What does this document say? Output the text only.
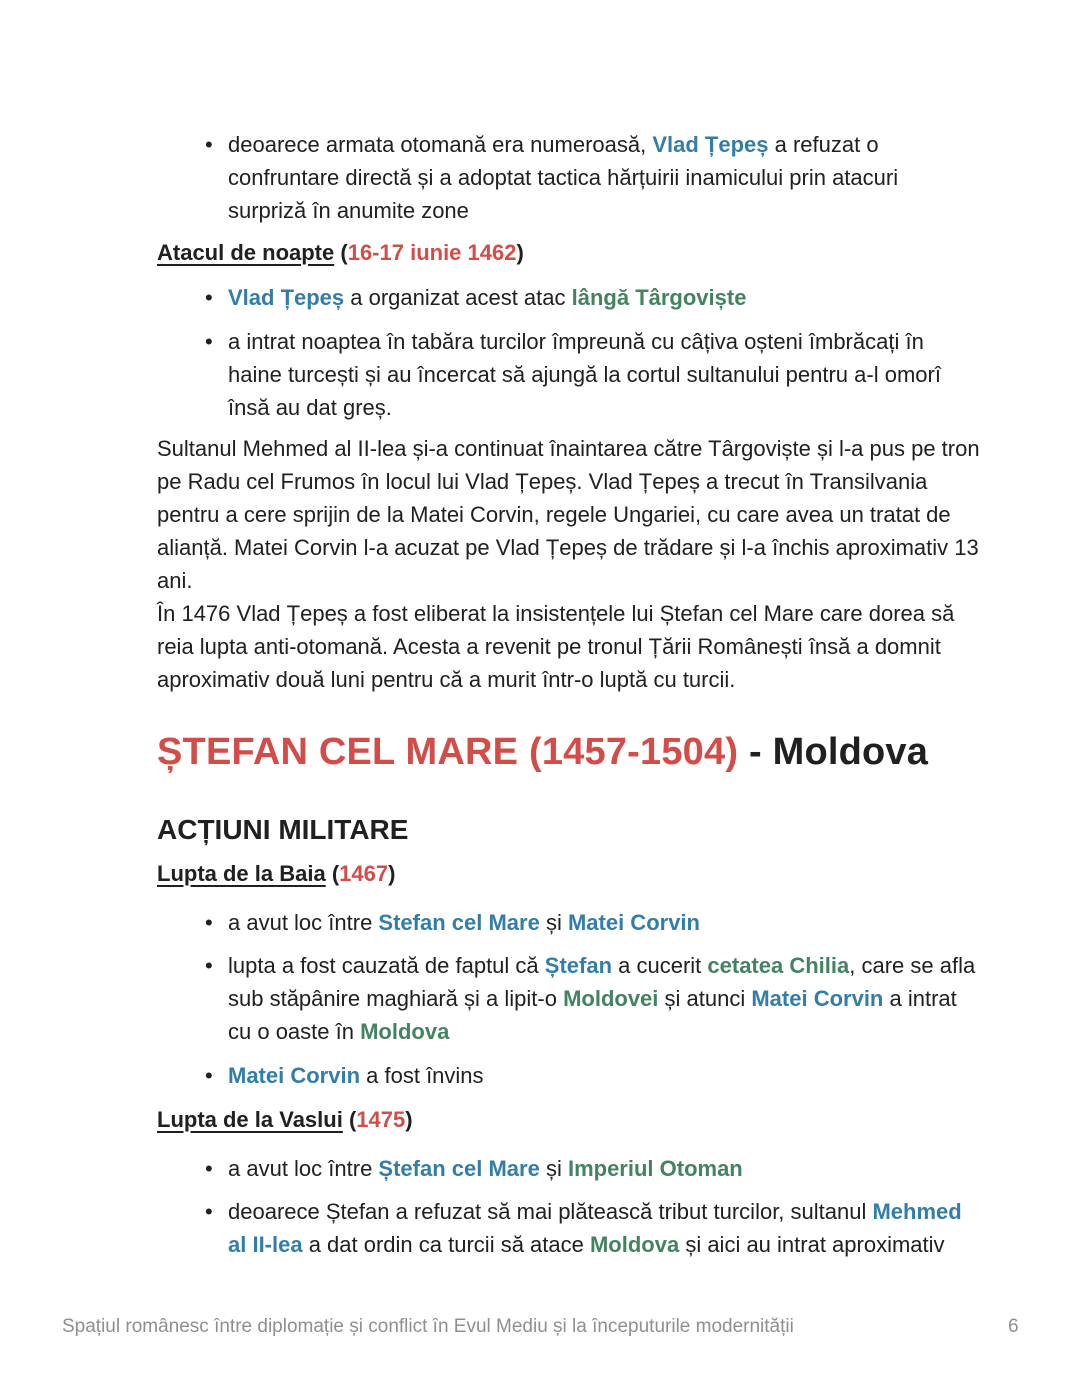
• deoarece armata otomană era numeroasă, Vlad Țepeș a refuzat o
confruntare directă și a adoptat tactica hărțuirii inamicului prin atacuri
surpriză în anumite zone
Atacul de noapte (16-17 iunie 1462)
• Vlad Țepeș a organizat acest atac lângă Târgoviște
• a intrat noaptea în tabăra turcilor împreună cu câțiva oșteni îmbrăcați în
haine turcești și au încercat să ajungă la cortul sultanului pentru a-l omorî
însă au dat greș.
Sultanul Mehmed al II-lea și-a continuat înaintarea către Târgoviște și l-a pus pe tron
pe Radu cel Frumos în locul lui Vlad Țepeș. Vlad Țepeș a trecut în Transilvania
pentru a cere sprijin de la Matei Corvin, regele Ungariei, cu care avea un tratat de
alianță. Matei Corvin l-a acuzat pe Vlad Țepeș de trădare și l-a închis aproximativ 13
ani.
În 1476 Vlad Țepeș a fost eliberat la insistențele lui Ștefan cel Mare care dorea să
reia lupta anti-otomană. Acesta a revenit pe tronul Țării Românești însă a domnit
aproximativ două luni pentru că a murit într-o luptă cu turcii.
ȘTEFAN CEL MARE (1457-1504) - Moldova
ACȚIUNI MILITARE
Lupta de la Baia (1467)
• a avut loc între Stefan cel Mare și Matei Corvin
• lupta a fost cauzată de faptul că Ștefan a cucerit cetatea Chilia, care se afla
sub stăpânire maghiară și a lipit-o Moldovei și atunci Matei Corvin a intrat
cu o oaste în Moldova
• Matei Corvin a fost învins
Lupta de la Vaslui (1475)
• a avut loc între Ștefan cel Mare și Imperiul Otoman
• deoarece Ștefan a refuzat să mai plătească tribut turcilor, sultanul Mehmed
al II-lea a dat ordin ca turcii să atace Moldova și aici au intrat aproximativ
Spațiul românesc între diplomație și conflict în Evul Mediu și la începuturile modernității	6
